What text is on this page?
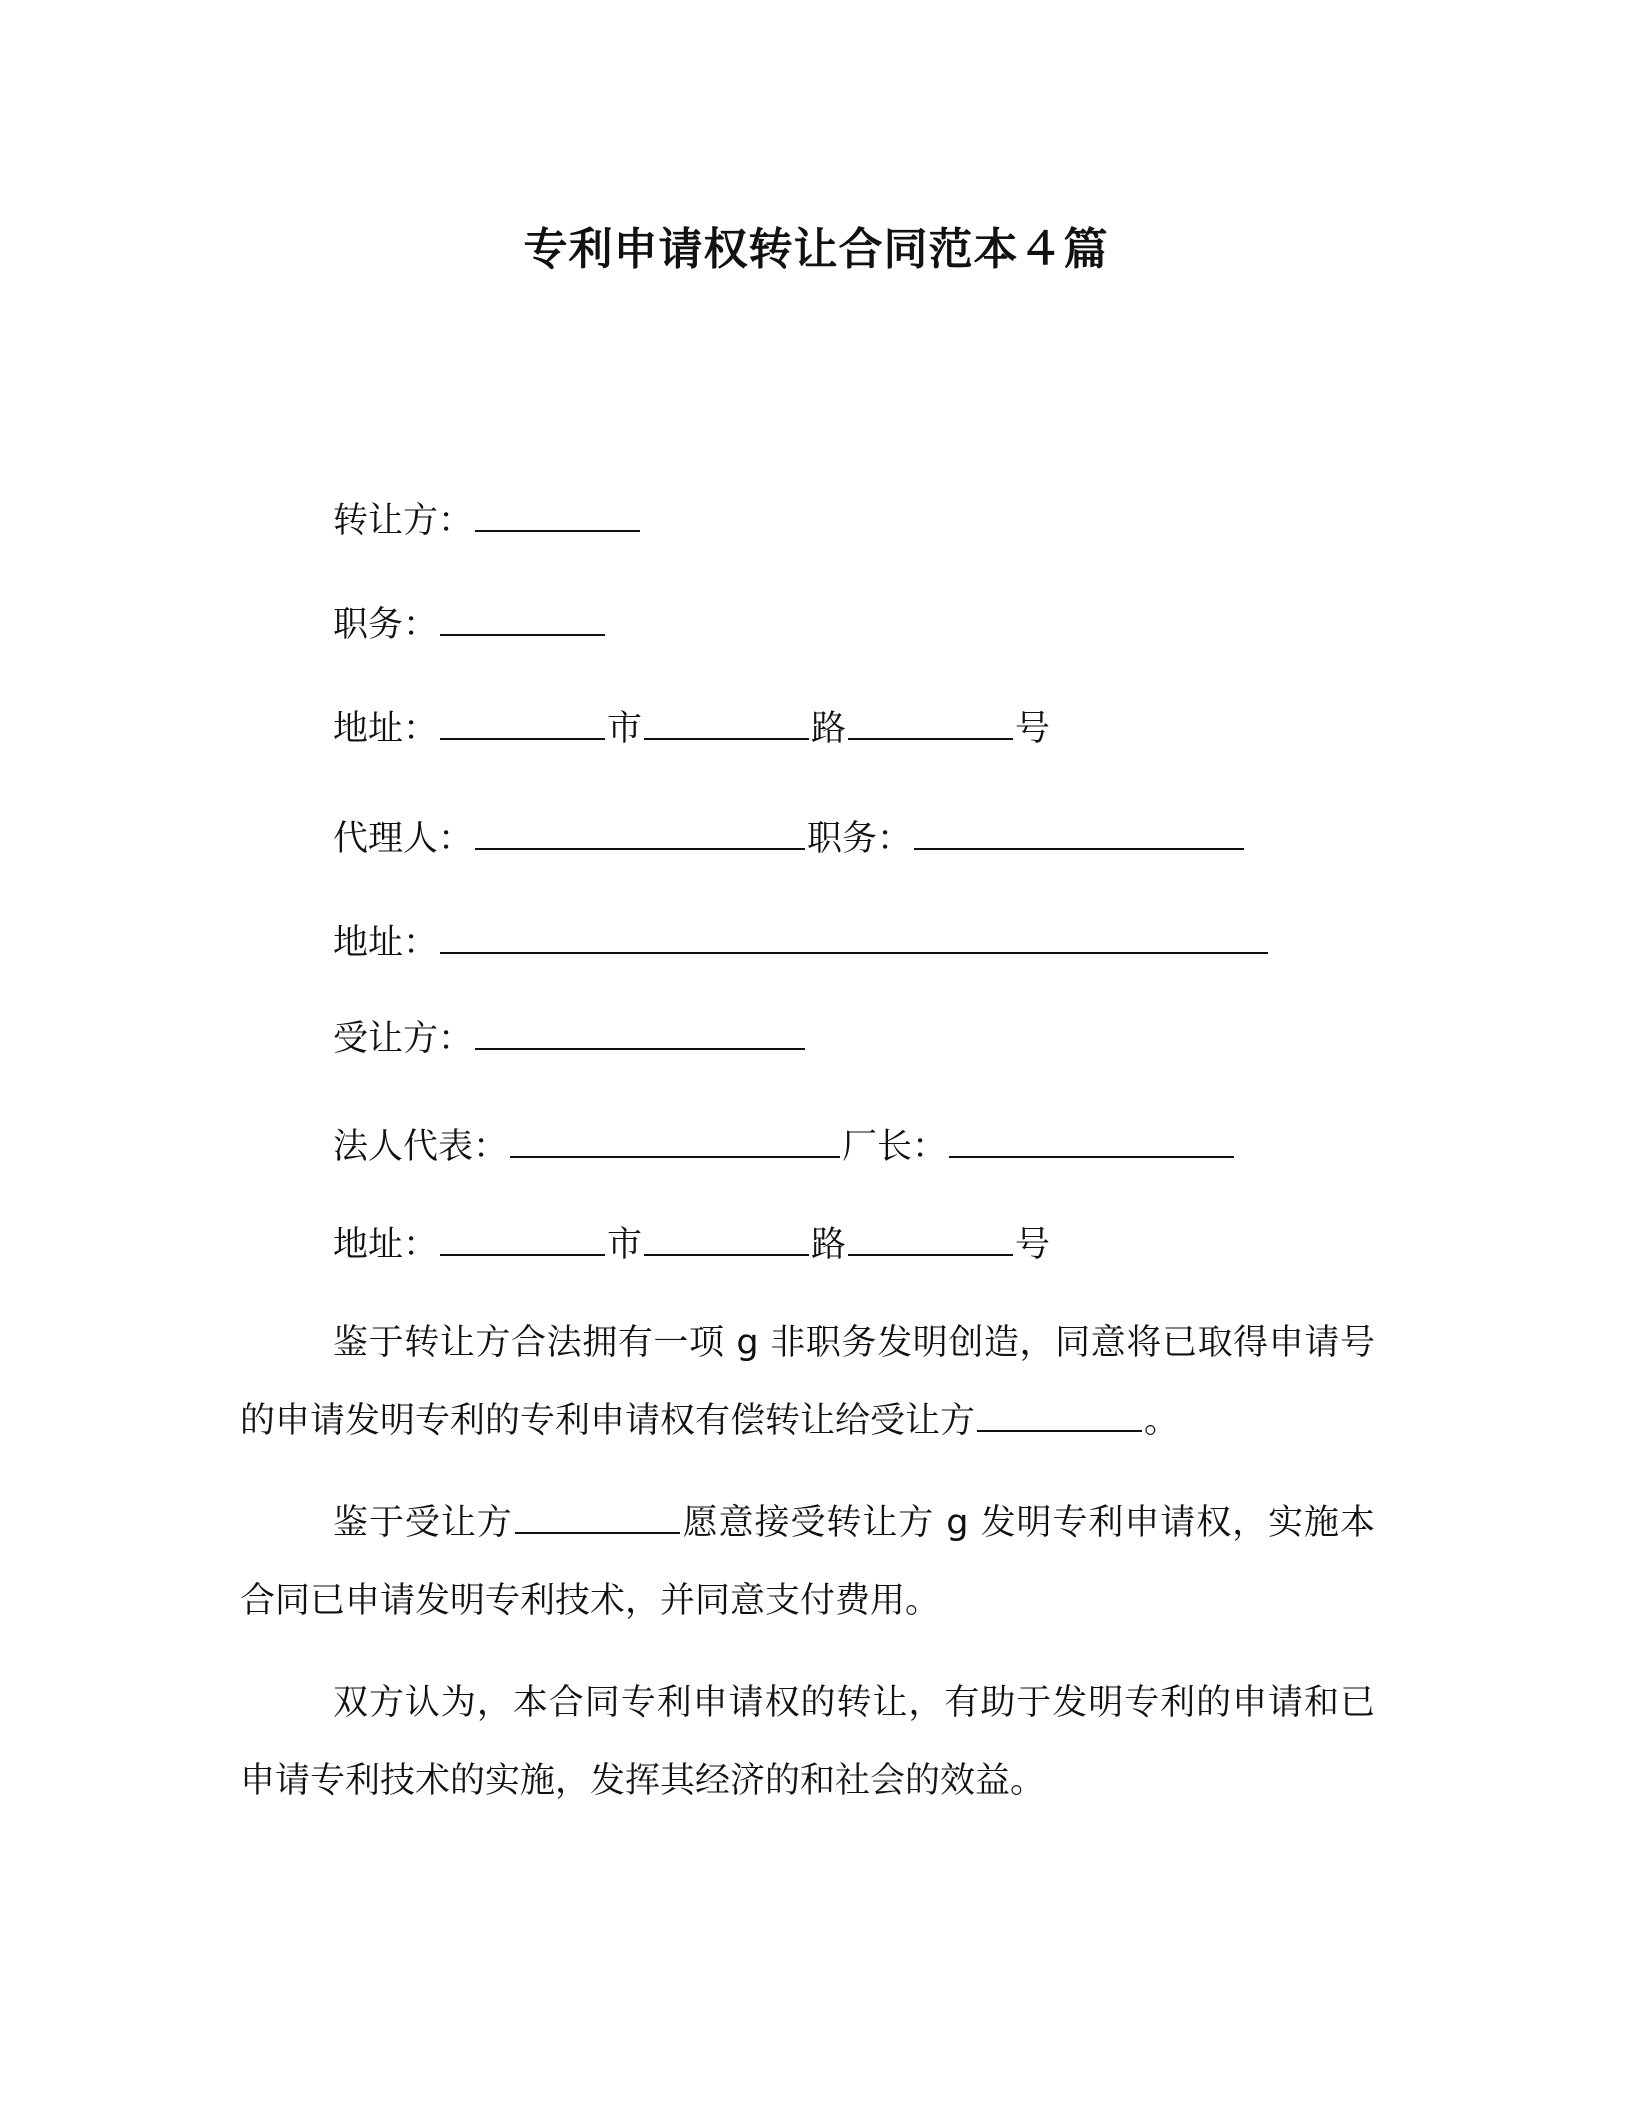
专利申请权转让合同范本４篇
转让方：
职务：
地址：	市	路	号
代理人：	职务：
地址：
受让方：
法人代表：	厂长：
地址：	市	路	号
鉴于转让方合法拥有一项 g 非职务发明创造，同意将已取得申请号的申请发明专利的专利申请权有偿转让给受让方	。
鉴于受让方	愿意接受转让方 g 发明专利申请权，实施本合同已申请发明专利技术，并同意支付费用。
双方认为，本合同专利申请权的转让，有助于发明专利的申请和已申请专利技术的实施，发挥其经济的和社会的效益。
